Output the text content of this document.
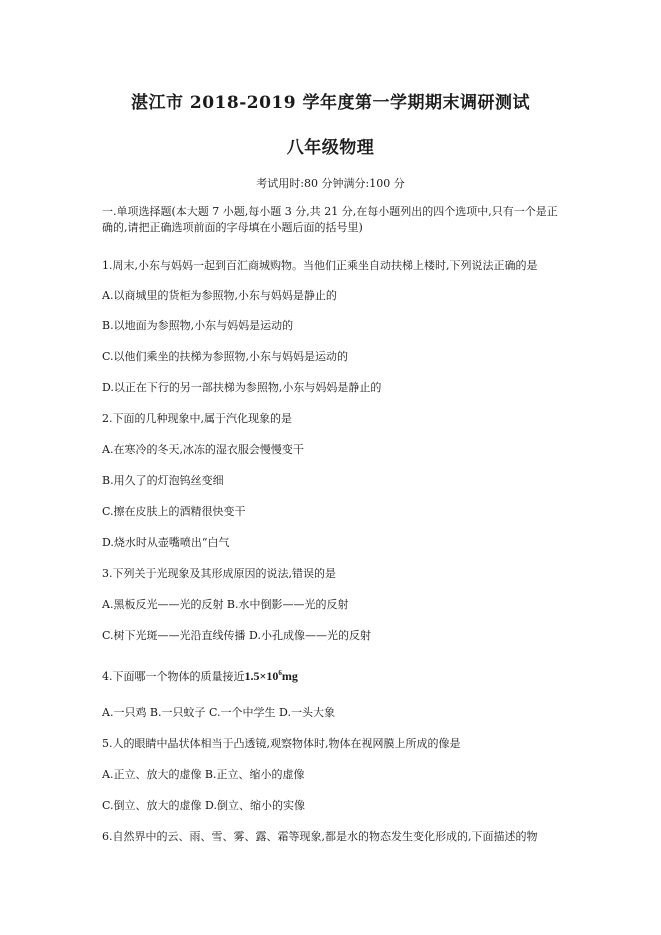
湛江市 2018-2019 学年度第一学期期末调研测试
八年级物理
考试用时:80 分钟满分:100 分
一.单项选择题(本大题 7 小题,每小题 3 分,共 21 分,在每小题列出的四个选项中,只有一个是正确的,请把正确选项前面的字母填在小题后面的括号里)
1.周末,小东与妈妈一起到百汇商城购物。当他们正乘坐自动扶梯上楼时,下列说法正确的是
A.以商城里的货柜为参照物,小东与妈妈是静止的
B.以地面为参照物,小东与妈妈是运动的
C.以他们乘坐的扶梯为参照物,小东与妈妈是运动的
D.以正在下行的另一部扶梯为参照物,小东与妈妈是静止的
2.下面的几种现象中,属于汽化现象的是
A.在寒冷的冬天,冰冻的湿衣服会慢慢变干
B.用久了的灯泡钨丝变细
C.擦在皮肤上的酒精很快变干
D.烧水时从壶嘴喷出“白气
3.下列关于光现象及其形成原因的说法,错误的是
A.黑板反光——光的反射 B.水中倒影——光的反射
C.树下光斑——光沿直线传播 D.小孔成像——光的反射
4.下面哪一个物体的质量接近$1.5\times 10^6mg$
A.一只鸡 B.一只蚊子 C.一个中学生 D.一头大象
5.人的眼睛中晶状体相当于凸透镜,观察物体时,物体在视网膜上所成的像是
A.正立、放大的虚像 B.正立、缩小的虚像
C.倒立、放大的虚像 D.倒立、缩小的实像
6.自然界中的云、雨、雪、雾、露、霜等现象,都是水的物态发生变化形成的,下面描述的物
